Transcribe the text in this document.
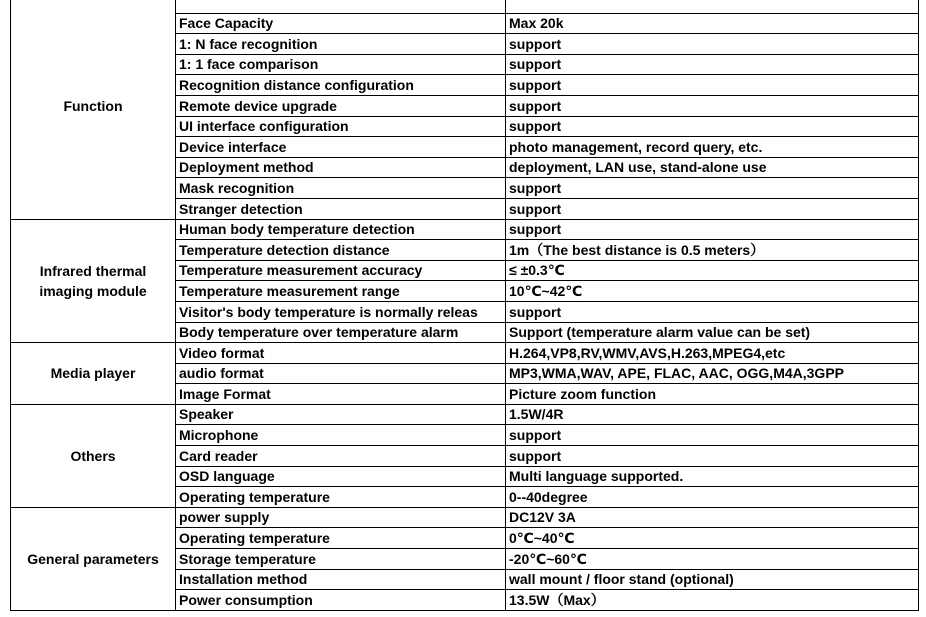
Function		
	Face Capacity	Max 20k
	1: N face recognition	support
	1: 1 face comparison	support
	Recognition distance configuration	support
	Remote device upgrade	support
	UI interface configuration	support
	Device interface	photo management, record query, etc.
	Deployment method	deployment, LAN use, stand-alone use
	Mask recognition	support
	Stranger detection	support
Infrared thermal imaging module	Human body temperature detection	support
	Temperature detection distance	1m（The best distance is 0.5 meters）
	Temperature measurement accuracy	≤ ±0.3℃
	Temperature measurement range	10℃~42℃
	Visitor's body temperature is normally releas	support
	Body temperature over temperature alarm	Support (temperature alarm value can be set)
Media player	Video format	H.264,VP8,RV,WMV,AVS,H.263,MPEG4,etc
	audio format	MP3,WMA,WAV, APE, FLAC, AAC, OGG,M4A,3GPP
	Image Format	Picture zoom function
Others	Speaker	1.5W/4R
	Microphone	support
	Card reader	support
	OSD language	Multi language supported.
	Operating temperature	0--40degree
General parameters	power supply	DC12V 3A
	Operating temperature	0℃~40℃
	Storage temperature	-20℃~60℃
	Installation method	wall mount / floor stand (optional)
	Power consumption	13.5W（Max）
